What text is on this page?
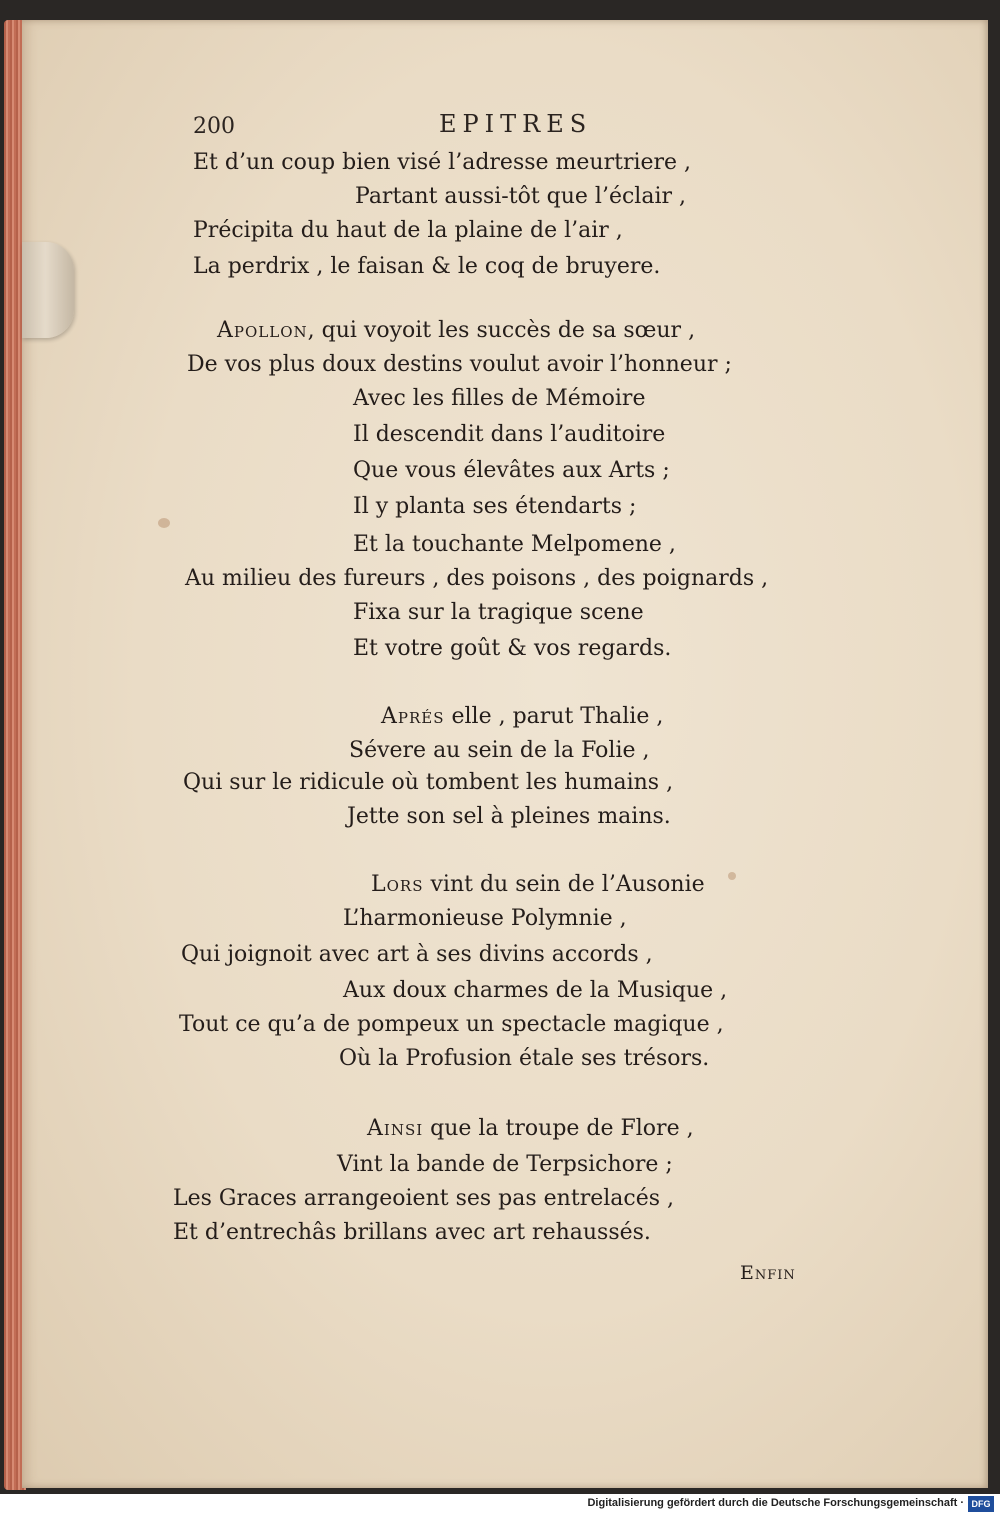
200	EPITRES
Et d’un coup bien visé l’adresse meurtriere ,
Partant aussi-tôt que l’éclair ,
Précipita du haut de la plaine de l’air ,
La perdrix , le faisan & le coq de bruyere.
Apollon, qui voyoit les succès de sa sœur ,
De vos plus doux destins voulut avoir l’honneur ;
Avec les filles de Mémoire
Il descendit dans l’auditoire
Que vous élevâtes aux Arts ;
Il y planta ses étendarts ;
Et la touchante Melpomene ,
Au milieu des fureurs , des poisons , des poignards ,
Fixa sur la tragique scene
Et votre goût & vos regards.
Aprés elle , parut Thalie ,
Sévere au sein de la Folie ,
Qui sur le ridicule où tombent les humains ,
Jette son sel à pleines mains.
Lors vint du sein de l’Ausonie
L’harmonieuse Polymnie ,
Qui joignoit avec art à ses divins accords ,
Aux doux charmes de la Musique ,
Tout ce qu’a de pompeux un spectacle magique ,
Où la Profusion étale ses trésors.
Ainsi que la troupe de Flore ,
Vint la bande de Terpsichore ;
Les Graces arrangeoient ses pas entrelacés ,
Et d’entrechâs brillans avec art rehaussés.
Enfin
Digitalisierung gefördert durch die Deutsche Forschungsgemeinschaft · DFG
